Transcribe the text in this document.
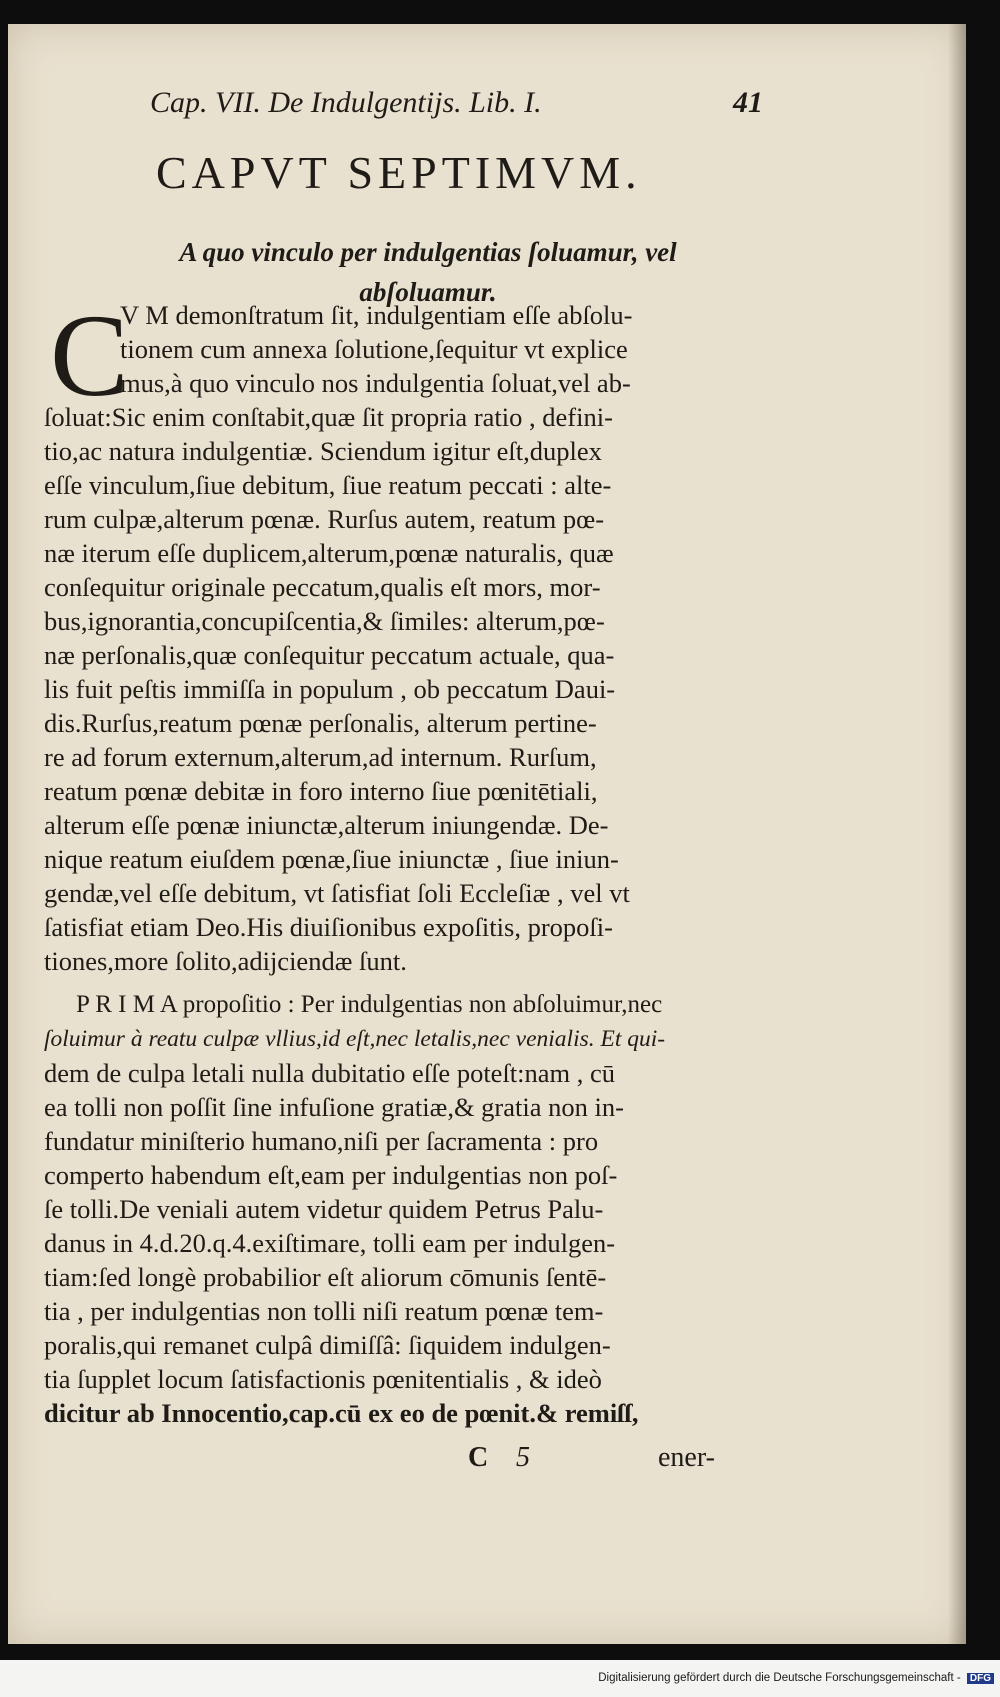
Cap. VII. De Indulgentijs. Lib. I.	41
CAPVT SEPTIMVM.
A quo vinculo per indulgentias ſoluamur, vel
abſoluamur.
C
V M demonſtratum ſit, indulgentiam eſſe abſolu-
tionem cum annexa ſolutione,ſequitur vt explice
mus,à quo vinculo nos indulgentia ſoluat,vel ab-
ſoluat:Sic enim conſtabit,quæ ſit propria ratio , defini-
tio,ac natura indulgentiæ. Sciendum igitur eſt,duplex
eſſe vinculum,ſiue debitum, ſiue reatum peccati : alte-
rum culpæ,alterum pœnæ. Rurſus autem, reatum pœ-
næ iterum eſſe duplicem,alterum,pœnæ naturalis, quæ
conſequitur originale peccatum,qualis eſt mors, mor-
bus,ignorantia,concupiſcentia,& ſimiles: alterum,pœ-
næ perſonalis,quæ conſequitur peccatum actuale, qua-
lis fuit peſtis immiſſa in populum , ob peccatum Daui-
dis.Rurſus,reatum pœnæ perſonalis, alterum pertine-
re ad forum externum,alterum,ad internum. Rurſum,
reatum pœnæ debitæ in foro interno ſiue pœnitētiali,
alterum eſſe pœnæ iniunctæ,alterum iniungendæ. De-
nique reatum eiuſdem pœnæ,ſiue iniunctæ , ſiue iniun-
gendæ,vel eſſe debitum, vt ſatisfiat ſoli Eccleſiæ , vel vt
ſatisfiat etiam Deo.His diuiſionibus expoſitis, propoſi-
tiones,more ſolito,adijciendæ ſunt.
P R I M A propoſitio : Per indulgentias non abſoluimur,nec
ſoluimur à reatu culpæ vllius,id eſt,nec letalis,nec venialis. Et qui-
dem de culpa letali nulla dubitatio eſſe poteſt:nam , cū
ea tolli non poſſit ſine infuſione gratiæ,& gratia non in-
fundatur miniſterio humano,niſi per ſacramenta : pro
comperto habendum eſt,eam per indulgentias non poſ-
ſe tolli.De veniali autem videtur quidem Petrus Palu-
danus in 4.d.20.q.4.exiſtimare, tolli eam per indulgen-
tiam:ſed longè probabilior eſt aliorum cōmunis ſentē-
tia , per indulgentias non tolli niſi reatum pœnæ tem-
poralis,qui remanet culpâ dimiſſâ: ſiquidem indulgen-
tia ſupplet locum ſatisfactionis pœnitentialis , & ideò
dicitur ab Innocentio,cap.cū ex eo de pœnit.& remiſſ,
C 5	ener-
Digitalisierung gefördert durch die Deutsche Forschungsgemeinschaft - DFG
